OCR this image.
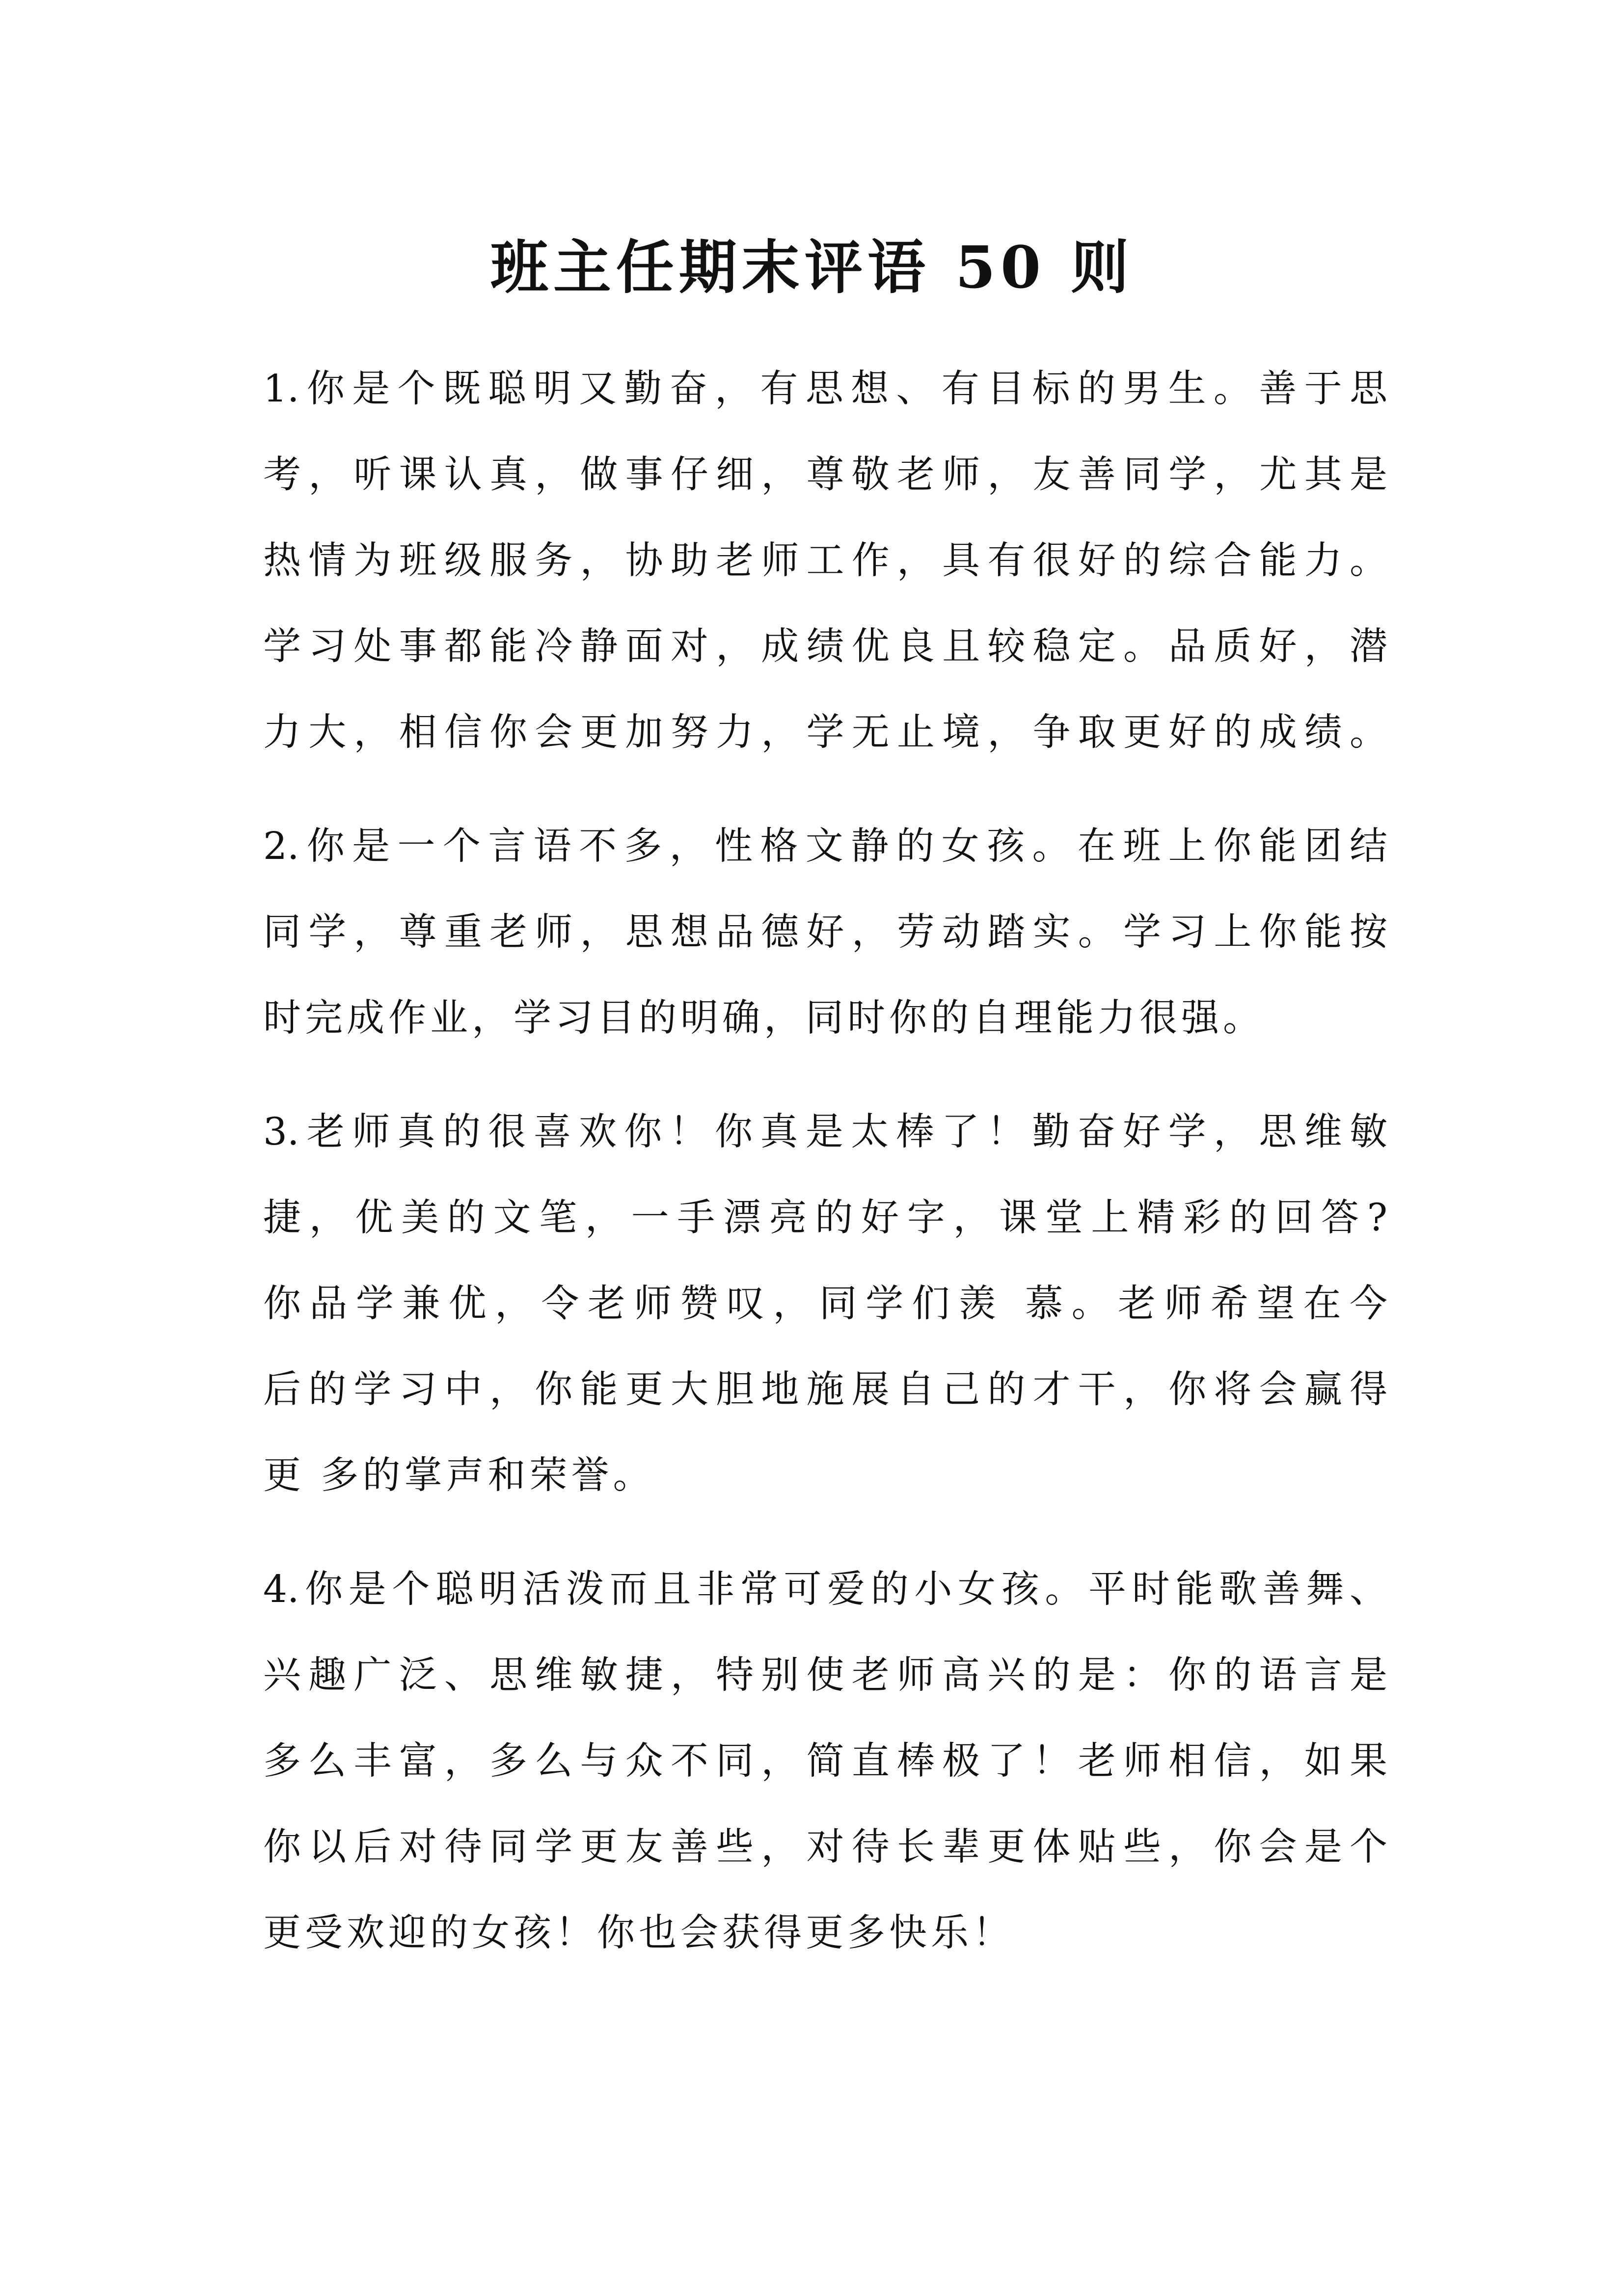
班主任期末评语 50 则

1.你是个既聪明又勤奋，有思想、有目标的男生。善于思

考，听课认真，做事仔细，尊敬老师，友善同学，尤其是

热情为班级服务，协助老师工作，具有很好的综合能力。

学习处事都能冷静面对，成绩优良且较稳定。品质好，潜

力大，相信你会更加努力，学无止境，争取更好的成绩。

2.你是一个言语不多，性格文静的女孩。在班上你能团结

同学，尊重老师，思想品德好，劳动踏实。学习上你能按

时完成作业，学习目的明确，同时你的自理能力很强。

3.老师真的很喜欢你！你真是太棒了！勤奋好学，思维敏

捷，优美的文笔，一手漂亮的好字，课堂上精彩的回答?

你品学兼优，令老师赞叹，同学们羡 慕。老师希望在今

后的学习中，你能更大胆地施展自己的才干，你将会赢得

更 多的掌声和荣誉。

4.你是个聪明活泼而且非常可爱的小女孩。平时能歌善舞、

兴趣广泛、思维敏捷，特别使老师高兴的是：你的语言是

多么丰富，多么与众不同，简直棒极了！老师相信，如果

你以后对待同学更友善些，对待长辈更体贴些，你会是个

更受欢迎的女孩！你也会获得更多快乐！
